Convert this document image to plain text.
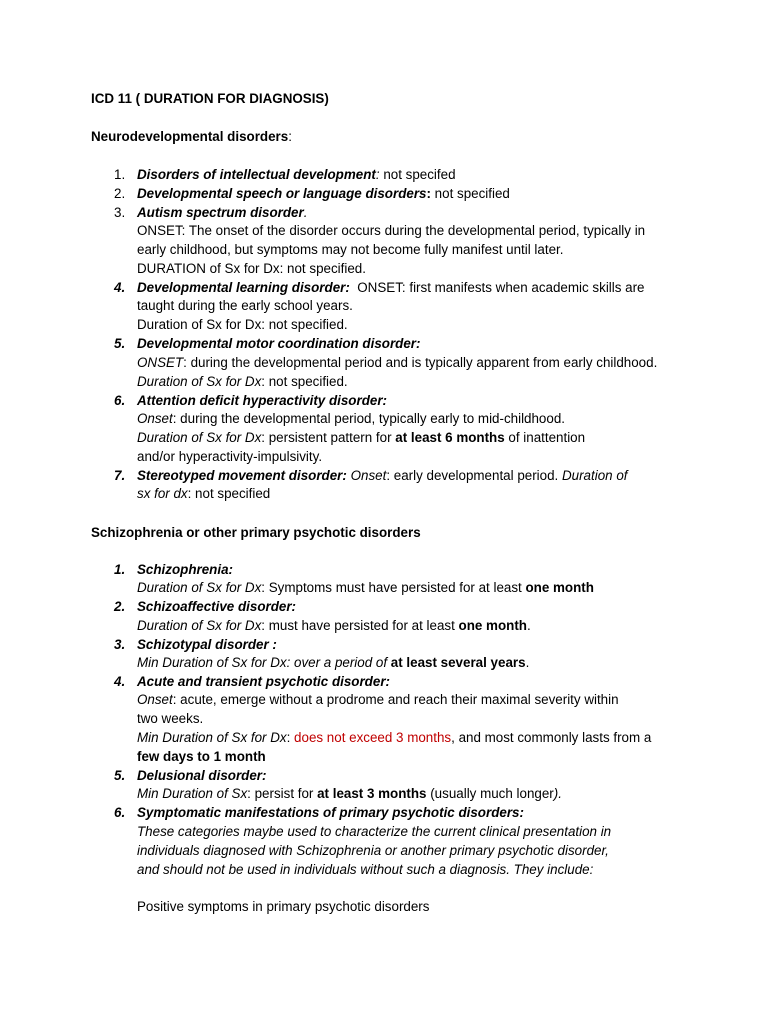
ICD 11 ( DURATION FOR DIAGNOSIS)
Neurodevelopmental disorders:
1. Disorders of intellectual development: not specifed
2. Developmental speech or language disorders: not specified
3. Autism spectrum disorder.
ONSET: The onset of the disorder occurs during the developmental period, typically in
early childhood, but symptoms may not become fully manifest until later.
DURATION of Sx for Dx: not specified.
4. Developmental learning disorder: ONSET: first manifests when academic skills are
taught during the early school years.
Duration of Sx for Dx: not specified.
5. Developmental motor coordination disorder:
ONSET: during the developmental period and is typically apparent from early childhood.
Duration of Sx for Dx: not specified.
6. Attention deficit hyperactivity disorder:
Onset: during the developmental period, typically early to mid-childhood.
Duration of Sx for Dx: persistent pattern for at least 6 months of inattention
and/or hyperactivity-impulsivity.
7. Stereotyped movement disorder: Onset: early developmental period. Duration of
sx for dx: not specified
Schizophrenia or other primary psychotic disorders
1. Schizophrenia:
Duration of Sx for Dx: Symptoms must have persisted for at least one month
2. Schizoaffective disorder:
Duration of Sx for Dx: must have persisted for at least one month.
3. Schizotypal disorder :
Min Duration of Sx for Dx: over a period of at least several years.
4. Acute and transient psychotic disorder:
Onset: acute, emerge without a prodrome and reach their maximal severity within
two weeks.
Min Duration of Sx for Dx: does not exceed 3 months, and most commonly lasts from a
few days to 1 month
5. Delusional disorder:
Min Duration of Sx: persist for at least 3 months (usually much longer).
6. Symptomatic manifestations of primary psychotic disorders:
These categories maybe used to characterize the current clinical presentation in
individuals diagnosed with Schizophrenia or another primary psychotic disorder,
and should not be used in individuals without such a diagnosis. They include:
Positive symptoms in primary psychotic disorders
